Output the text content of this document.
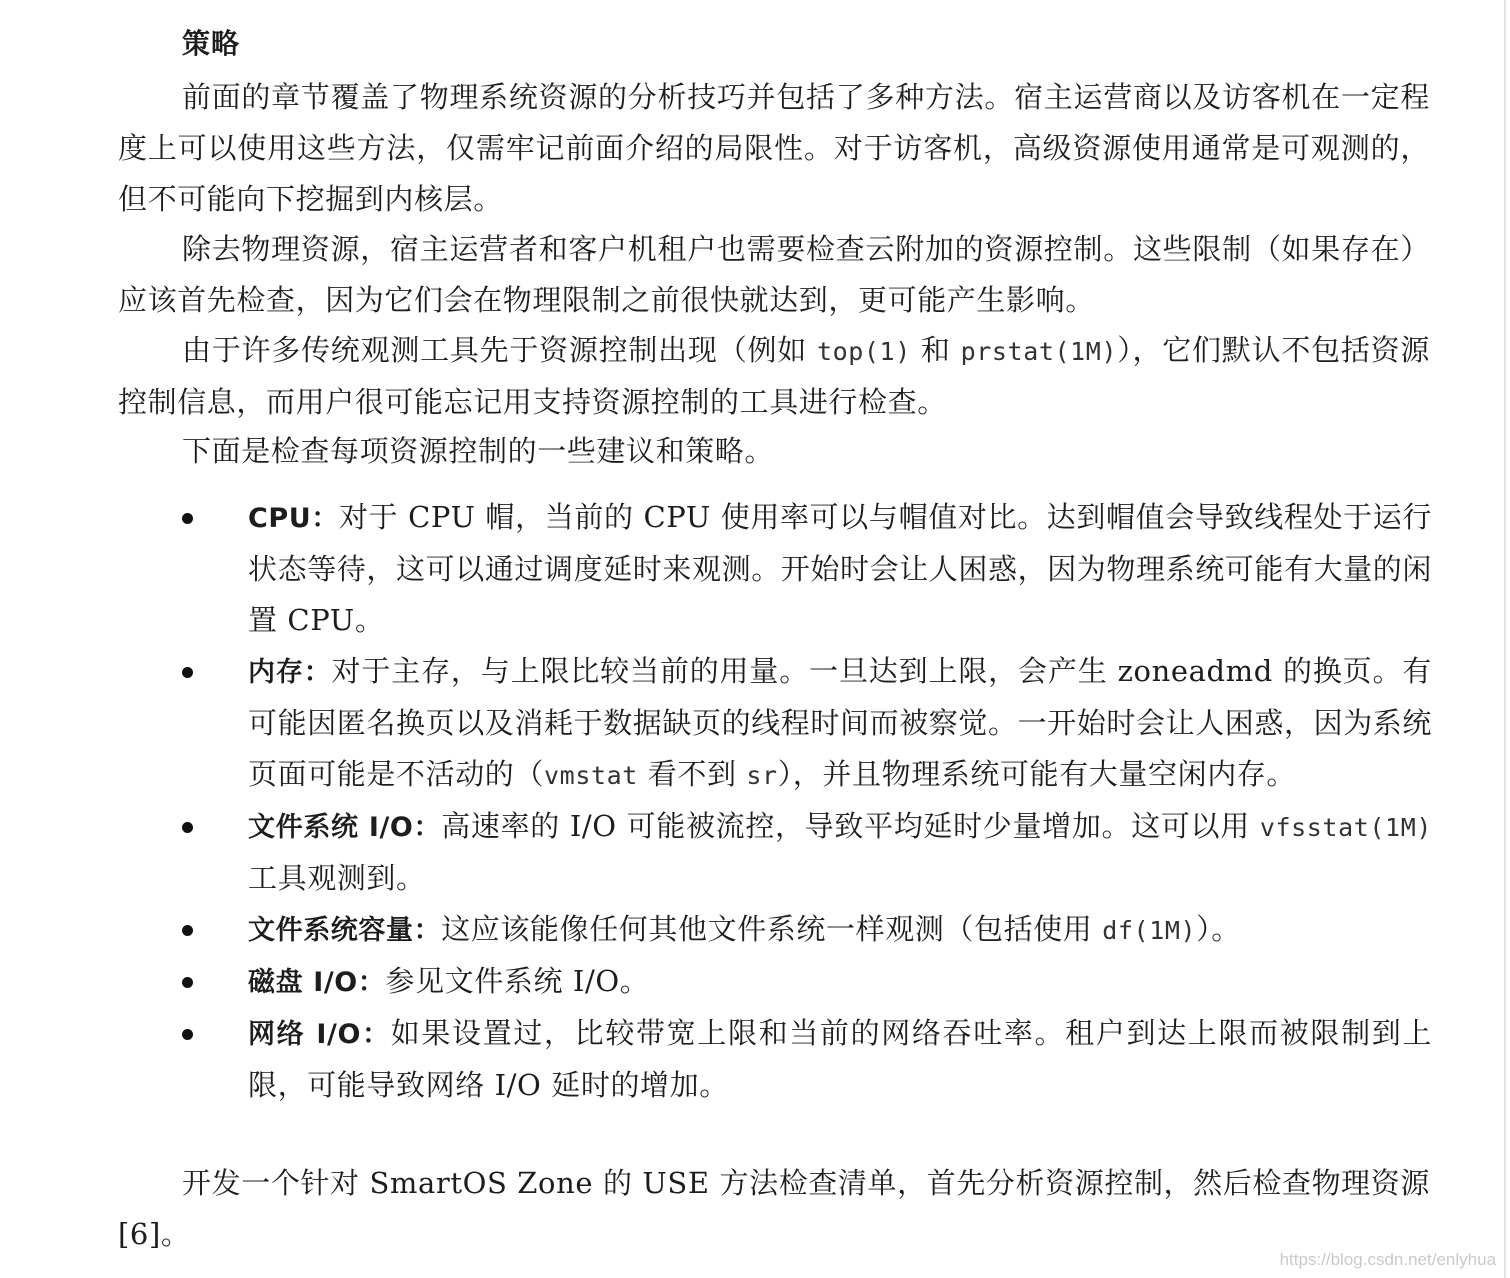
策略

前面的章节覆盖了物理系统资源的分析技巧并包括了多种方法。宿主运营商以及访客机在一定程度上可以使用这些方法，仅需牢记前面介绍的局限性。对于访客机，高级资源使用通常是可观测的，但不可能向下挖掘到内核层。

除去物理资源，宿主运营者和客户机租户也需要检查云附加的资源控制。这些限制（如果存在）应该首先检查，因为它们会在物理限制之前很快就达到，更可能产生影响。

由于许多传统观测工具先于资源控制出现（例如 top(1) 和 prstat(1M)），它们默认不包括资源控制信息，而用户很可能忘记用支持资源控制的工具进行检查。

下面是检查每项资源控制的一些建议和策略。

CPU：对于 CPU 帽，当前的 CPU 使用率可以与帽值对比。达到帽值会导致线程处于运行状态等待，这可以通过调度延时来观测。开始时会让人困惑，因为物理系统可能有大量的闲置 CPU。
内存：对于主存，与上限比较当前的用量。一旦达到上限，会产生 zoneadmd 的换页。有可能因匿名换页以及消耗于数据缺页的线程时间而被察觉。一开始时会让人困惑，因为系统页面可能是不活动的（vmstat 看不到 sr），并且物理系统可能有大量空闲内存。
文件系统 I/O：高速率的 I/O 可能被流控，导致平均延时少量增加。这可以用 vfsstat(1M) 工具观测到。
文件系统容量：这应该能像任何其他文件系统一样观测（包括使用 df(1M)）。
磁盘 I/O：参见文件系统 I/O。
网络 I/O：如果设置过，比较带宽上限和当前的网络吞吐率。租户到达上限而被限制到上限，可能导致网络 I/O 延时的增加。

开发一个针对 SmartOS Zone 的 USE 方法检查清单，首先分析资源控制，然后检查物理资源[6]。

https://blog.csdn.net/enlyhua
